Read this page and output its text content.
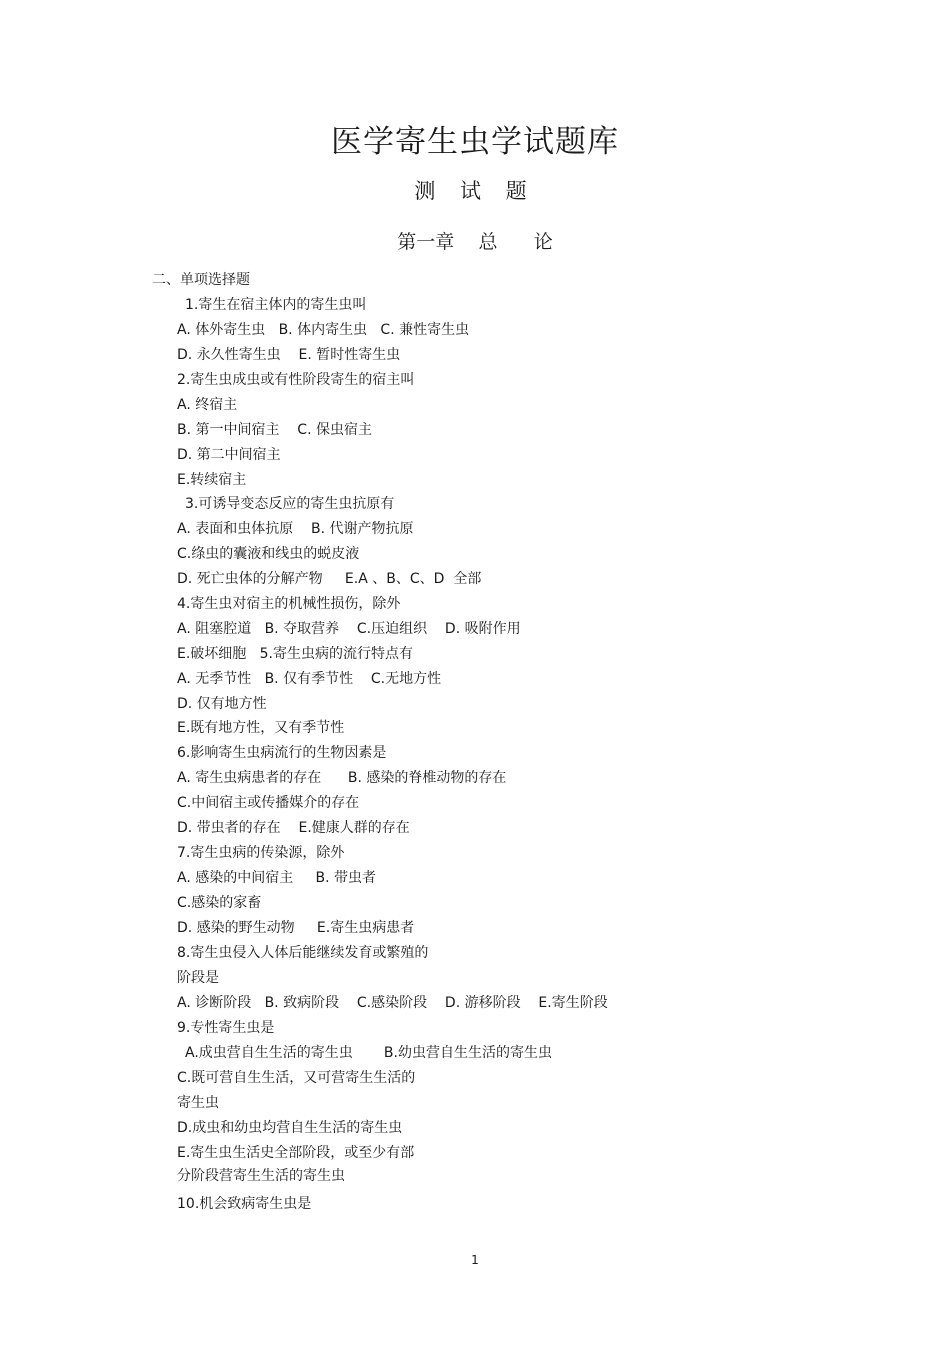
医学寄生虫学试题库
测 试 题
第一章    总      论
二、单项选择题
1.寄生在宿主体内的寄生虫叫
A. 体外寄生虫   B. 体内寄生虫   C. 兼性寄生虫
D. 永久性寄生虫    E. 暂时性寄生虫
2.寄生虫成虫或有性阶段寄生的宿主叫
A. 终宿主
B. 第一中间宿主    C. 保虫宿主
D. 第二中间宿主
E.转续宿主
3.可诱导变态反应的寄生虫抗原有
A. 表面和虫体抗原    B. 代谢产物抗原
C.绦虫的囊液和线虫的蜕皮液
D. 死亡虫体的分解产物     E.A 、B、C、D  全部
4.寄生虫对宿主的机械性损伤，除外
A. 阻塞腔道   B. 夺取营养    C.压迫组织    D. 吸附作用
E.破坏细胞   5.寄生虫病的流行特点有
A. 无季节性   B. 仅有季节性    C.无地方性
D. 仅有地方性
E.既有地方性，又有季节性
6.影响寄生虫病流行的生物因素是
A. 寄生虫病患者的存在      B. 感染的脊椎动物的存在
C.中间宿主或传播媒介的存在
D. 带虫者的存在    E.健康人群的存在
7.寄生虫病的传染源，除外
A. 感染的中间宿主     B. 带虫者
C.感染的家畜
D. 感染的野生动物     E.寄生虫病患者
8.寄生虫侵入人体后能继续发育或繁殖的
阶段是
A. 诊断阶段   B. 致病阶段    C.感染阶段    D. 游移阶段    E.寄生阶段
9.专性寄生虫是
A.成虫营自生生活的寄生虫       B.幼虫营自生生活的寄生虫
C.既可营自生生活，又可营寄生生活的
寄生虫
D.成虫和幼虫均营自生生活的寄生虫
E.寄生虫生活史全部阶段，或至少有部
分阶段营寄生生活的寄生虫
10.机会致病寄生虫是
1
